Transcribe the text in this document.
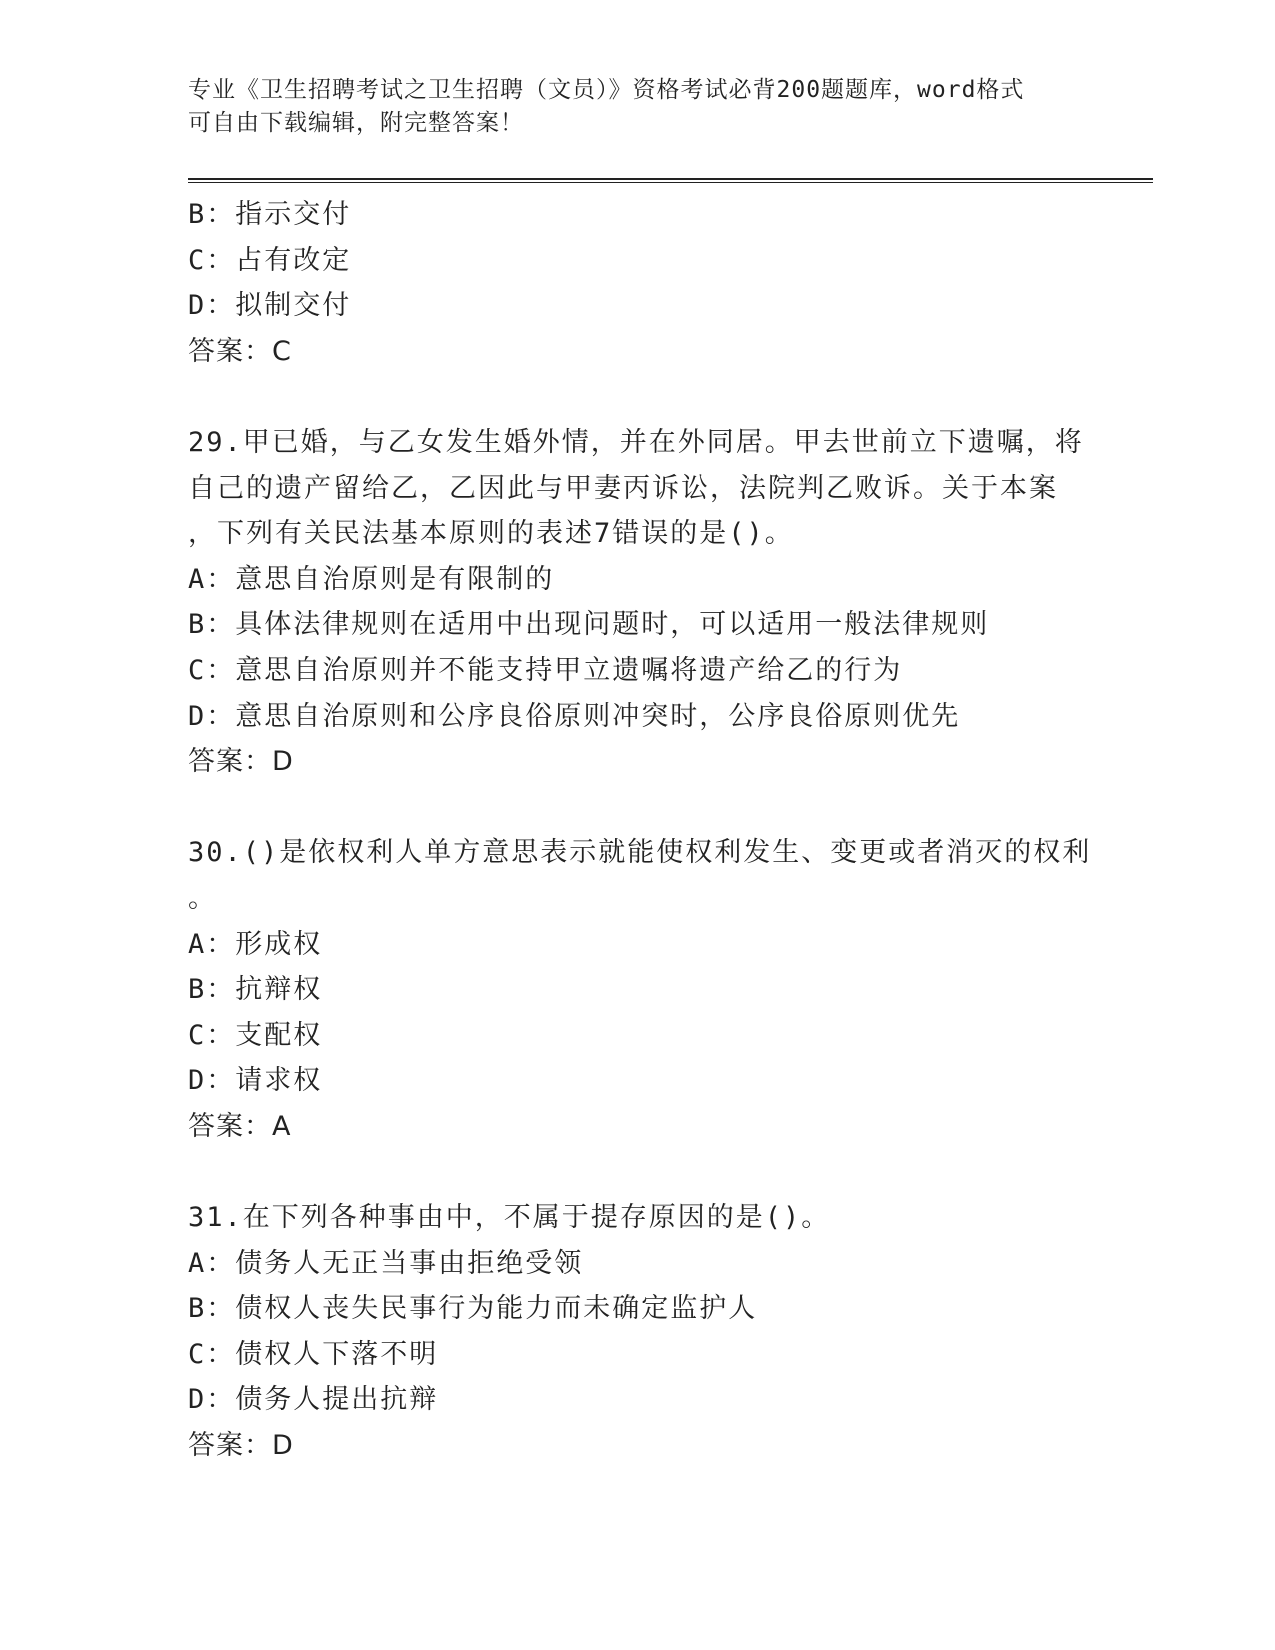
专业《卫生招聘考试之卫生招聘（文员）》资格考试必背200题题库，word格式
可自由下载编辑，附完整答案！
B：指示交付
C：占有改定
D：拟制交付
答案：C
29.甲已婚，与乙女发生婚外情，并在外同居。甲去世前立下遗嘱，将
自己的遗产留给乙，乙因此与甲妻丙诉讼，法院判乙败诉。关于本案
，下列有关民法基本原则的表述7错误的是()。
A：意思自治原则是有限制的
B：具体法律规则在适用中出现问题时，可以适用一般法律规则
C：意思自治原则并不能支持甲立遗嘱将遗产给乙的行为
D：意思自治原则和公序良俗原则冲突时，公序良俗原则优先
答案：D
30.()是依权利人单方意思表示就能使权利发生、变更或者消灭的权利
。
A：形成权
B：抗辩权
C：支配权
D：请求权
答案：A
31.在下列各种事由中，不属于提存原因的是()。
A：债务人无正当事由拒绝受领
B：债权人丧失民事行为能力而未确定监护人
C：债权人下落不明
D：债务人提出抗辩
答案：D
